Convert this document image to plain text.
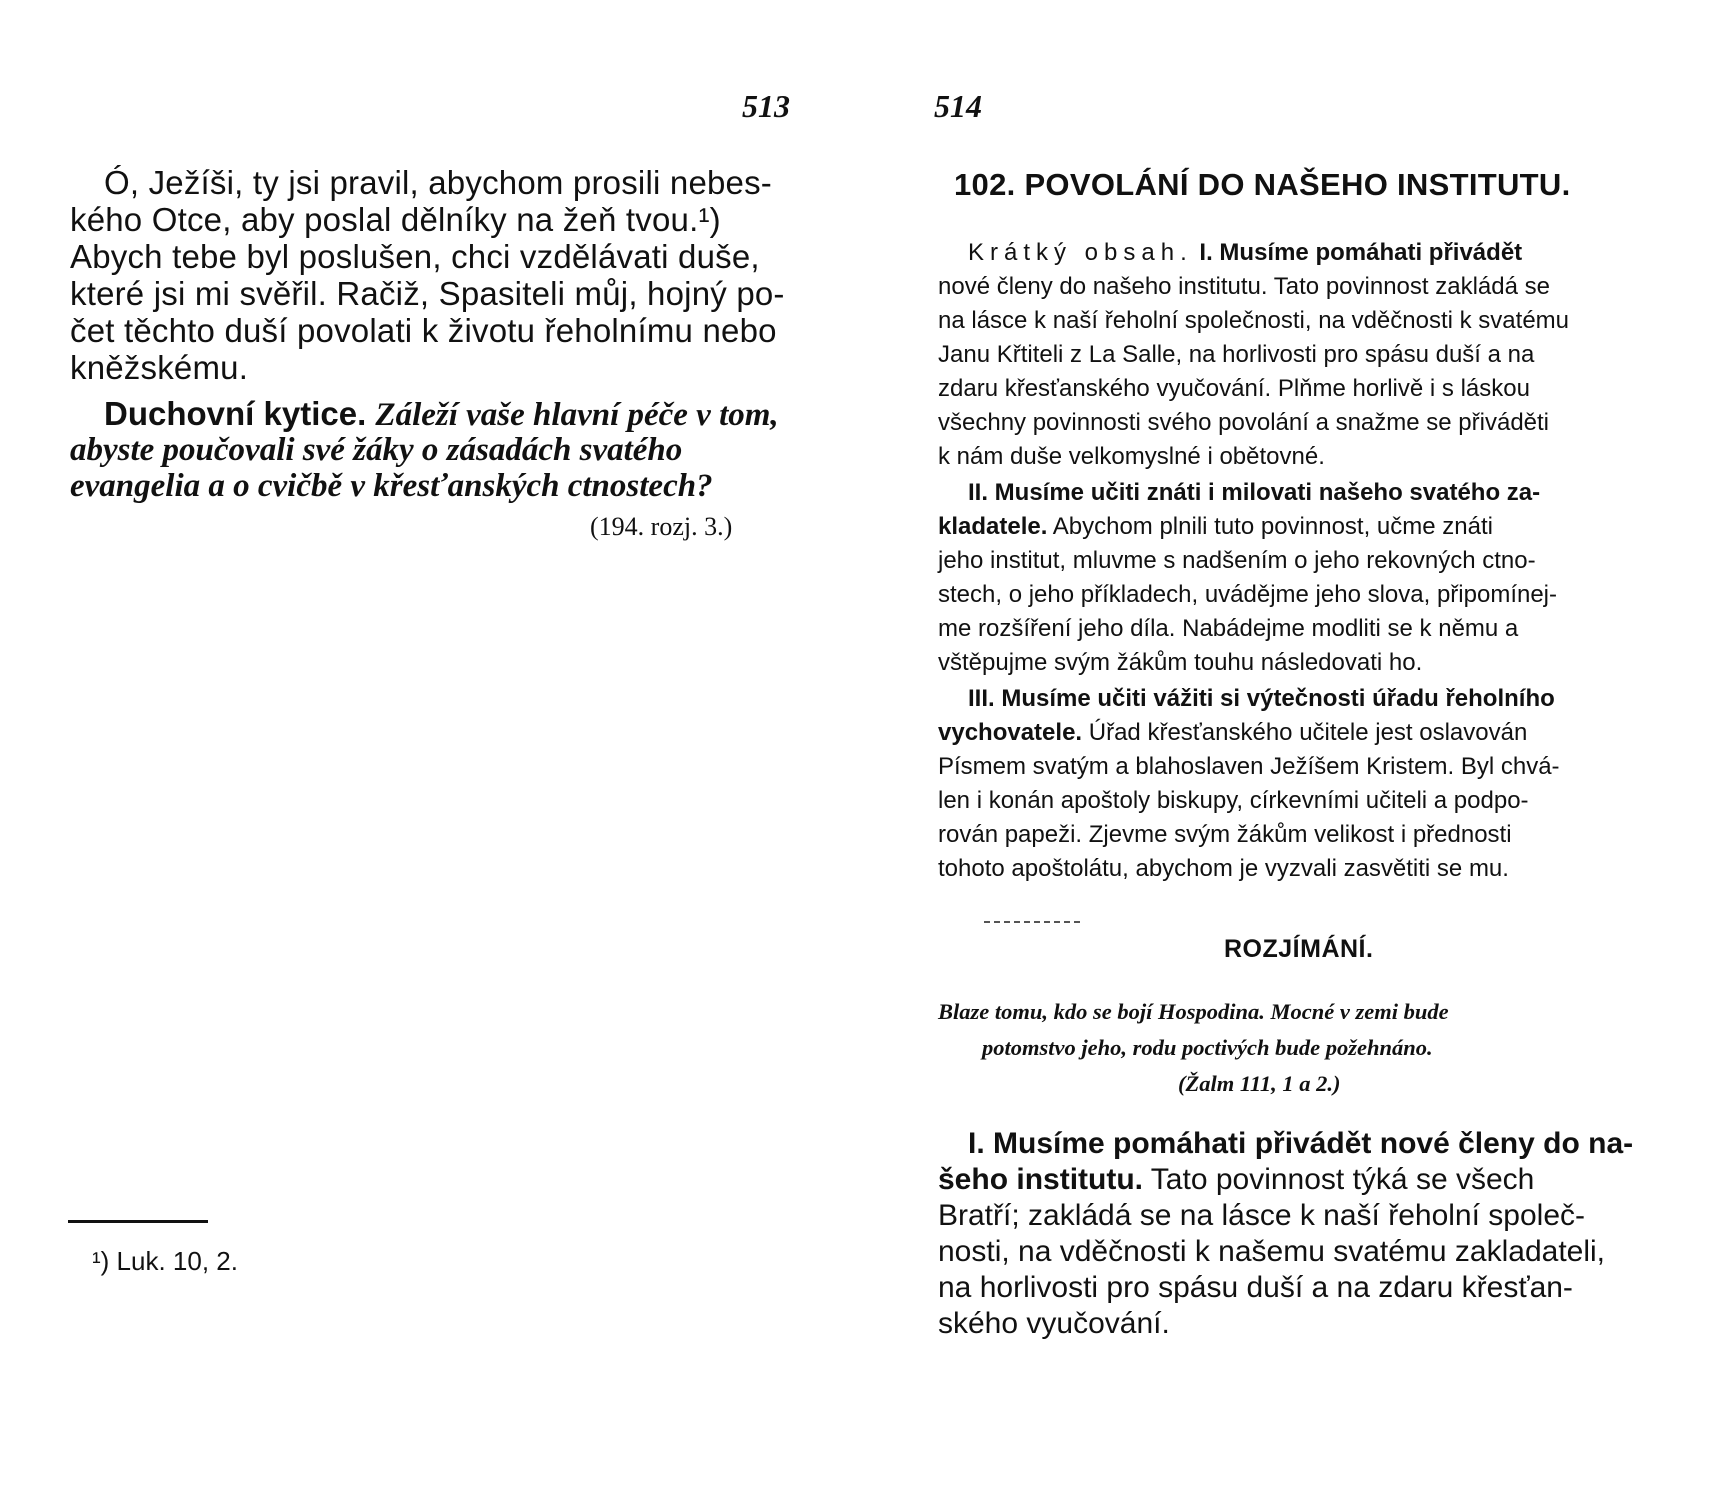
513
Ó, Ježíši, ty jsi pravil, abychom prosili nebes-
kého Otce, aby poslal dělníky na žeň tvou.¹)
Abych tebe byl poslušen, chci vzdělávati duše,
které jsi mi svěřil. Račiž, Spasiteli můj, hojný po-
čet těchto duší povolati k životu řeholnímu nebo
kněžskému.
Duchovní kytice. Záleží vaše hlavní péče v tom,
abyste poučovali své žáky o zásadách svatého
evangelia a o cvičbě v křesťanských ctnostech?
(194. rozj. 3.)
¹) Luk. 10, 2.
514
102. POVOLÁNÍ DO NAŠEHO INSTITUTU.
Krátký obsah. I. Musíme pomáhati přivádět
nové členy do našeho institutu. Tato povinnost zakládá se
na lásce k naší řeholní společnosti, na vděčnosti k svatému
Janu Křtiteli z La Salle, na horlivosti pro spásu duší a na
zdaru křesťanského vyučování. Plňme horlivě i s láskou
všechny povinnosti svého povolání a snažme se přiváděti
k nám duše velkomyslné i obětovné.
II. Musíme učiti znáti i milovati našeho svatého za-
kladatele. Abychom plnili tuto povinnost, učme znáti
jeho institut, mluvme s nadšením o jeho rekovných ctno-
stech, o jeho příkladech, uvádějme jeho slova, připomínej-
me rozšíření jeho díla. Nabádejme modliti se k němu a
vštěpujme svým žákům touhu následovati ho.
III. Musíme učiti vážiti si výtečnosti úřadu řeholního
vychovatele. Úřad křesťanského učitele jest oslavován
Písmem svatým a blahoslaven Ježíšem Kristem. Byl chvá-
len i konán apoštoly biskupy, církevními učiteli a podpo-
rován papeži. Zjevme svým žákům velikost i přednosti
tohoto apoštolátu, abychom je vyzvali zasvětiti se mu.
ROZJÍMÁNÍ.
Blaze tomu, kdo se bojí Hospodina. Mocné v zemi bude
potomstvo jeho, rodu poctivých bude požehnáno.
(Žalm 111, 1 a 2.)
I. Musíme pomáhati přivádět nové členy do na-
šeho institutu. Tato povinnost týká se všech
Bratří; zakládá se na lásce k naší řeholní společ-
nosti, na vděčnosti k našemu svatému zakladateli,
na horlivosti pro spásu duší a na zdaru křesťan-
ského vyučování.
